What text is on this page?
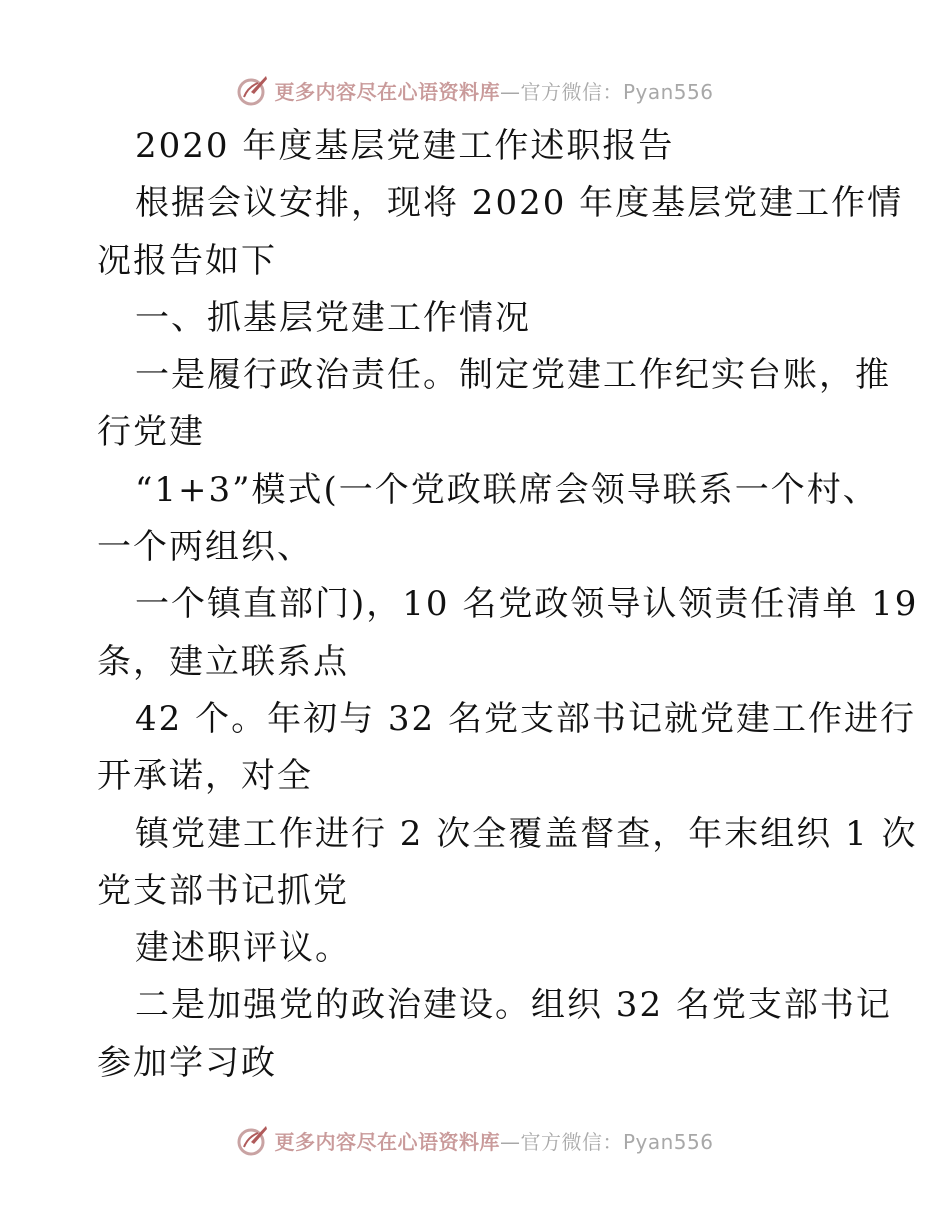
更多内容尽在心语资料库—官方微信：Pyan556
2020 年度基层党建工作述职报告
根据会议安排，现将 2020 年度基层党建工作情
况报告如下
一、抓基层党建工作情况
一是履行政治责任。制定党建工作纪实台账，推
行党建
“1+3”模式(一个党政联席会领导联系一个村、
一个两组织、
一个镇直部门)，10 名党政领导认领责任清单 19
条，建立联系点
42 个。年初与 32 名党支部书记就党建工作进行
开承诺，对全
镇党建工作进行 2 次全覆盖督查，年末组织 1 次
党支部书记抓党
建述职评议。
二是加强党的政治建设。组织 32 名党支部书记
参加学习政
更多内容尽在心语资料库—官方微信：Pyan556
